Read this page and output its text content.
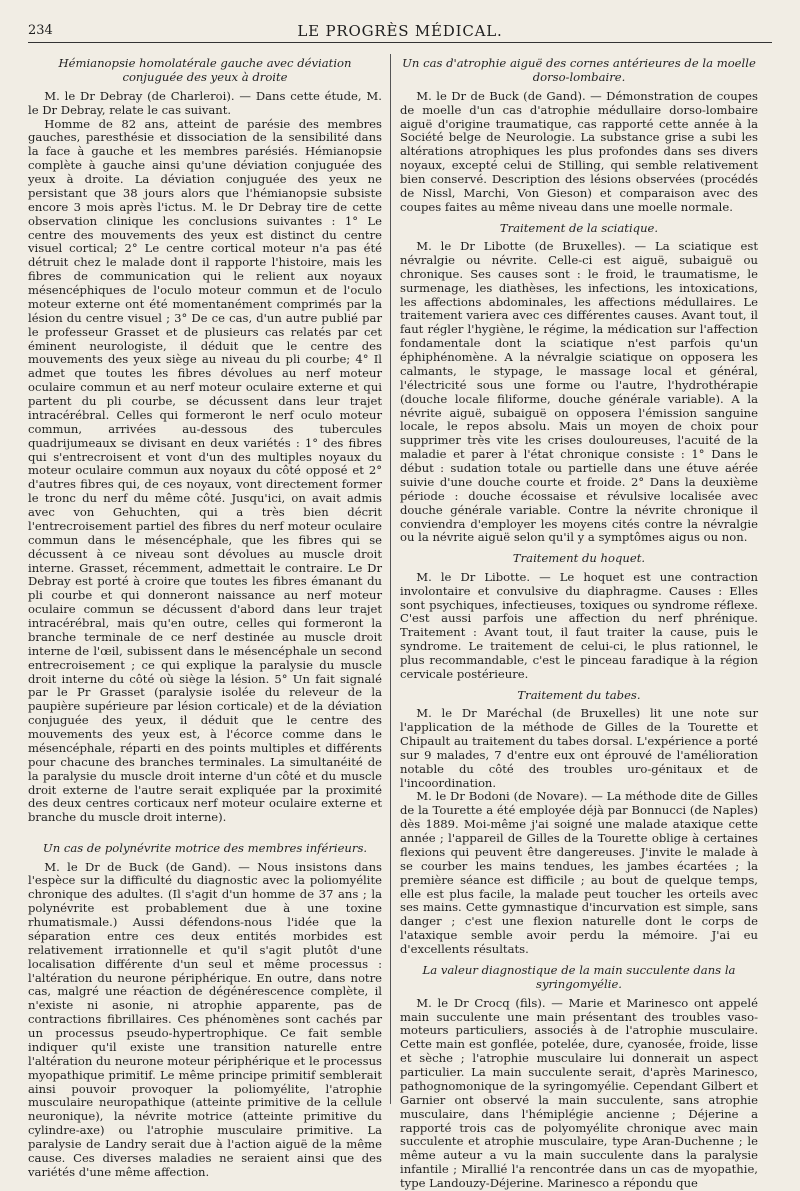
234	LE PROGRÈS MÉDICAL.
Hémianopsie homolatérale gauche avec déviation conjuguée des yeux à droite

M. le Dr Debray (de Charleroi). — Dans cette étude, M. le Dr Debray, relate le cas suivant.

Homme de 82 ans, atteint de parésie des membres gauches, paresthésie et dissociation de la sensibilité dans la face à gauche et les membres parésiés. Hémianopsie complète à gauche ainsi qu'une déviation conjuguée des yeux à droite. La déviation conjuguée des yeux ne persistant que 38 jours alors que l'hémianopsie subsiste encore 3 mois après l'ictus. M. le Dr Debray tire de cette observation clinique les conclusions suivantes : 1° Le centre des mouvements des yeux est distinct du centre visuel cortical; 2° Le centre cortical moteur n'a pas été détruit chez le malade dont il rapporte l'histoire, mais les fibres de communication qui le relient aux noyaux mésencéphiques de l'oculo moteur commun et de l'oculo moteur externe ont été momentanément comprimés par la lésion du centre visuel ; 3° De ce cas, d'un autre publié par le professeur Grasset et de plusieurs cas relatés par cet éminent neurologiste, il déduit que le centre des mouvements des yeux siège au niveau du pli courbe; 4° Il admet que toutes les fibres dévolues au nerf moteur oculaire commun et au nerf moteur oculaire externe et qui partent du pli courbe, se décussent dans leur trajet intracérébral. Celles qui formeront le nerf oculo moteur commun, arrivées au-dessous des tubercules quadrijumeaux se divisant en deux variétés : 1° des fibres qui s'entrecroisent et vont d'un des multiples noyaux du moteur oculaire commun aux noyaux du côté opposé et 2° d'autres fibres qui, de ces noyaux, vont directement former le tronc du nerf du même côté. Jusqu'ici, on avait admis avec von Gehuchten, qui a très bien décrit l'entrecroisement partiel des fibres du nerf moteur oculaire commun dans le mésencéphale, que les fibres qui se décussent à ce niveau sont dévolues au muscle droit interne. Grasset, récemment, admettait le contraire. Le Dr Debray est porté à croire que toutes les fibres émanant du pli courbe et qui donneront naissance au nerf moteur oculaire commun se décussent d'abord dans leur trajet intracérébral, mais qu'en outre, celles qui formeront la branche terminale de ce nerf destinée au muscle droit interne de l'œil, subissent dans le mésencéphale un second entrecroisement ; ce qui explique la paralysie du muscle droit interne du côté où siège la lésion. 5° Un fait signalé par le Pr Grasset (paralysie isolée du releveur de la paupière supérieure par lésion corticale) et de la déviation conjuguée des yeux, il déduit que le centre des mouvements des yeux est, à l'écorce comme dans le mésencéphale, réparti en des points multiples et différents pour chacune des branches terminales. La simultanéité de la paralysie du muscle droit interne d'un côté et du muscle droit externe de l'autre serait expliquée par la proximité des deux centres corticaux nerf moteur oculaire externe et branche du muscle droit interne).

Un cas de polynévrite motrice des membres inférieurs.

M. le Dr de Buck (de Gand). — Nous insistons dans l'espèce sur la difficulté du diagnostic avec la poliomyélite chronique des adultes. (Il s'agit d'un homme de 37 ans ; la polynévrite est probablement due à une toxine rhumatismale.) Aussi défendons-nous l'idée que la séparation entre ces deux entités morbides est relativement irrationnelle et qu'il s'agit plutôt d'une localisation différente d'un seul et même processus : l'altération du neurone périphérique. En outre, dans notre cas, malgré une réaction de dégénérescence complète, il n'existe ni asonie, ni atrophie apparente, pas de contractions fibrillaires. Ces phénomènes sont cachés par un processus pseudo-hypertrophique. Ce fait semble indiquer qu'il existe une transition naturelle entre l'altération du neurone moteur périphérique et le processus myopathique primitif. Le même principe primitif semblerait ainsi pouvoir provoquer la poliomyélite, l'atrophie musculaire neuropathique (atteinte primitive de la cellule neuronique), la névrite motrice (atteinte primitive du cylindre-axe) ou l'atrophie musculaire primitive. La paralysie de Landry serait due à l'action aiguë de la même cause. Ces diverses maladies ne seraient ainsi que des variétés d'une même affection.

Un cas d'atrophie aiguë des cornes antérieures de la moelle dorso-lombaire.

M. le Dr de Buck (de Gand). — Démonstration de coupes de moelle d'un cas d'atrophie médullaire dorso-lombaire aiguë d'origine traumatique, cas rapporté cette année à la Société belge de Neurologie. La substance grise a subi les altérations atrophiques les plus profondes dans ses divers noyaux, excepté celui de Stilling, qui semble relativement bien conservé. Description des lésions observées (procédés de Nissl, Marchi, Von Gieson) et comparaison avec des coupes faites au même niveau dans une moelle normale.

Traitement de la sciatique.

M. le Dr Libotte (de Bruxelles). — La sciatique est névralgie ou névrite. Celle-ci est aiguë, subaiguë ou chronique. Ses causes sont : le froid, le traumatisme, le surmenage, les diathèses, les infections, les intoxications, les affections abdominales, les affections médullaires. Le traitement variera avec ces différentes causes. Avant tout, il faut régler l'hygiène, le régime, la médication sur l'affection fondamentale dont la sciatique n'est parfois qu'un éphiphénomène. A la névralgie sciatique on opposera les calmants, le stypage, le massage local et général, l'électricité sous une forme ou l'autre, l'hydrothérapie (douche locale filiforme, douche générale variable). A la névrite aiguë, subaiguë on opposera l'émission sanguine locale, le repos absolu. Mais un moyen de choix pour supprimer très vite les crises douloureuses, l'acuité de la maladie et parer à l'état chronique consiste : 1° Dans le début : sudation totale ou partielle dans une étuve aérée suivie d'une douche courte et froide. 2° Dans la deuxième période : douche écossaise et révulsive localisée avec douche générale variable. Contre la névrite chronique il conviendra d'employer les moyens cités contre la névralgie ou la névrite aiguë selon qu'il y a symptômes aigus ou non.

Traitement du hoquet.

M. le Dr Libotte. — Le hoquet est une contraction involontaire et convulsive du diaphragme. Causes : Elles sont psychiques, infectieuses, toxiques ou syndrome réflexe. C'est aussi parfois une affection du nerf phrénique. Traitement : Avant tout, il faut traiter la cause, puis le syndrome. Le traitement de celui-ci, le plus rationnel, le plus recommandable, c'est le pinceau faradique à la région cervicale postérieure.

Traitement du tabes.

M. le Dr Maréchal (de Bruxelles) lit une note sur l'application de la méthode de Gilles de la Tourette et Chipault au traitement du tabes dorsal. L'expérience a porté sur 9 malades, 7 d'entre eux ont éprouvé de l'amélioration notable du côté des troubles uro-génitaux et de l'incoordination.

M. le Dr Bodoni (de Novare). — La méthode dite de Gilles de la Tourette a été employée déjà par Bonnucci (de Naples) dès 1889. Moi-même j'ai soigné une malade ataxique cette année ; l'appareil de Gilles de la Tourette oblige à certaines flexions qui peuvent être dangereuses. J'invite le malade à se courber les mains tendues, les jambes écartées ; la première séance est difficile ; au bout de quelque temps, elle est plus facile, la malade peut toucher les orteils avec ses mains. Cette gymnastique d'incurvation est simple, sans danger ; c'est une flexion naturelle dont le corps de l'ataxique semble avoir perdu la mémoire. J'ai eu d'excellents résultats.

La valeur diagnostique de la main succulente dans la syringomyélie.

M. le Dr Crocq (fils). — Marie et Marinesco ont appelé main succulente une main présentant des troubles vaso-moteurs particuliers, associés à de l'atrophie musculaire. Cette main est gonflée, potelée, dure, cyanosée, froide, lisse et sèche ; l'atrophie musculaire lui donnerait un aspect particulier. La main succulente serait, d'après Marinesco, pathognomonique de la syringomyélie. Cependant Gilbert et Garnier ont observé la main succulente, sans atrophie musculaire, dans l'hémiplégie ancienne ; Déjerine a rapporté trois cas de polyomyélite chronique avec main succulente et atrophie musculaire, type Aran-Duchenne ; le même auteur a vu la main succulente dans la paralysie infantile ; Mirallié l'a rencontrée dans un cas de myopathie, type Landouzy-Déjerine. Marinesco a répondu que
